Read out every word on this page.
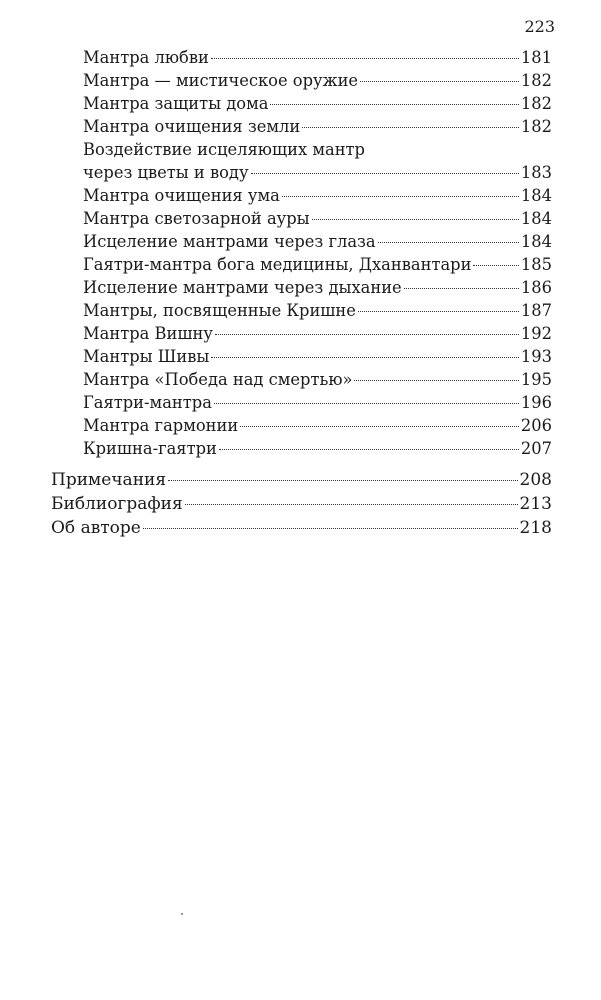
223
Мантра любви	181
Мантра — мистическое оружие	182
Мантра защиты дома	182
Мантра очищения земли	182
Воздействие исцеляющих мантр
через цветы и воду	183
Мантра очищения ума	184
Мантра светозарной ауры	184
Исцеление мантрами через глаза	184
Гаятри-мантра бога медицины, Дханвантари	185
Исцеление мантрами через дыхание	186
Мантры, посвященные Кришне	187
Мантра Вишну	192
Мантры Шивы	193
Мантра «Победа над смертью»	195
Гаятри-мантра	196
Мантра гармонии	206
Кришна-гаятри	207
Примечания	208
Библиография	213
Об авторе	218
